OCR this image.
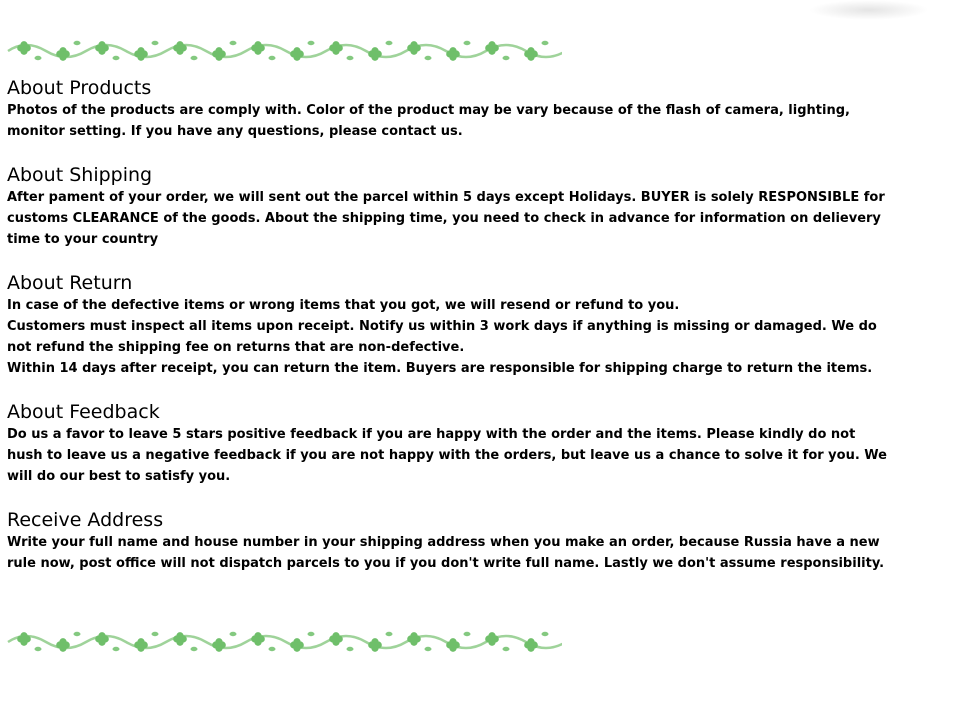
About Products

Photos of the products are comply with. Color of the product may be vary because of the flash of camera, lighting, monitor setting. If you have any questions, please contact us.

About Shipping

After pament of your order, we will sent out the parcel within 5 days except Holidays. BUYER is solely RESPONSIBLE for customs CLEARANCE of the goods. About the shipping time, you need to check in advance for information on delievery time to your country

About Return

In case of the defective items or wrong items that you got, we will resend or refund to you.

Customers must inspect all items upon receipt. Notify us within 3 work days if anything is missing or damaged. We do not refund the shipping fee on returns that are non-defective.

Within 14 days after receipt, you can return the item. Buyers are responsible for shipping charge to return the items.

About Feedback

Do us a favor to leave 5 stars positive feedback if you are happy with the order and the items. Please kindly do not hush to leave us a negative feedback if you are not happy with the orders, but leave us a chance to solve it for you. We will do our best to satisfy you.

Receive Address

Write your full name and house number in your shipping address when you make an order, because Russia have a new rule now, post office will not dispatch parcels to you if you don't write full name. Lastly we don't assume responsibility.
